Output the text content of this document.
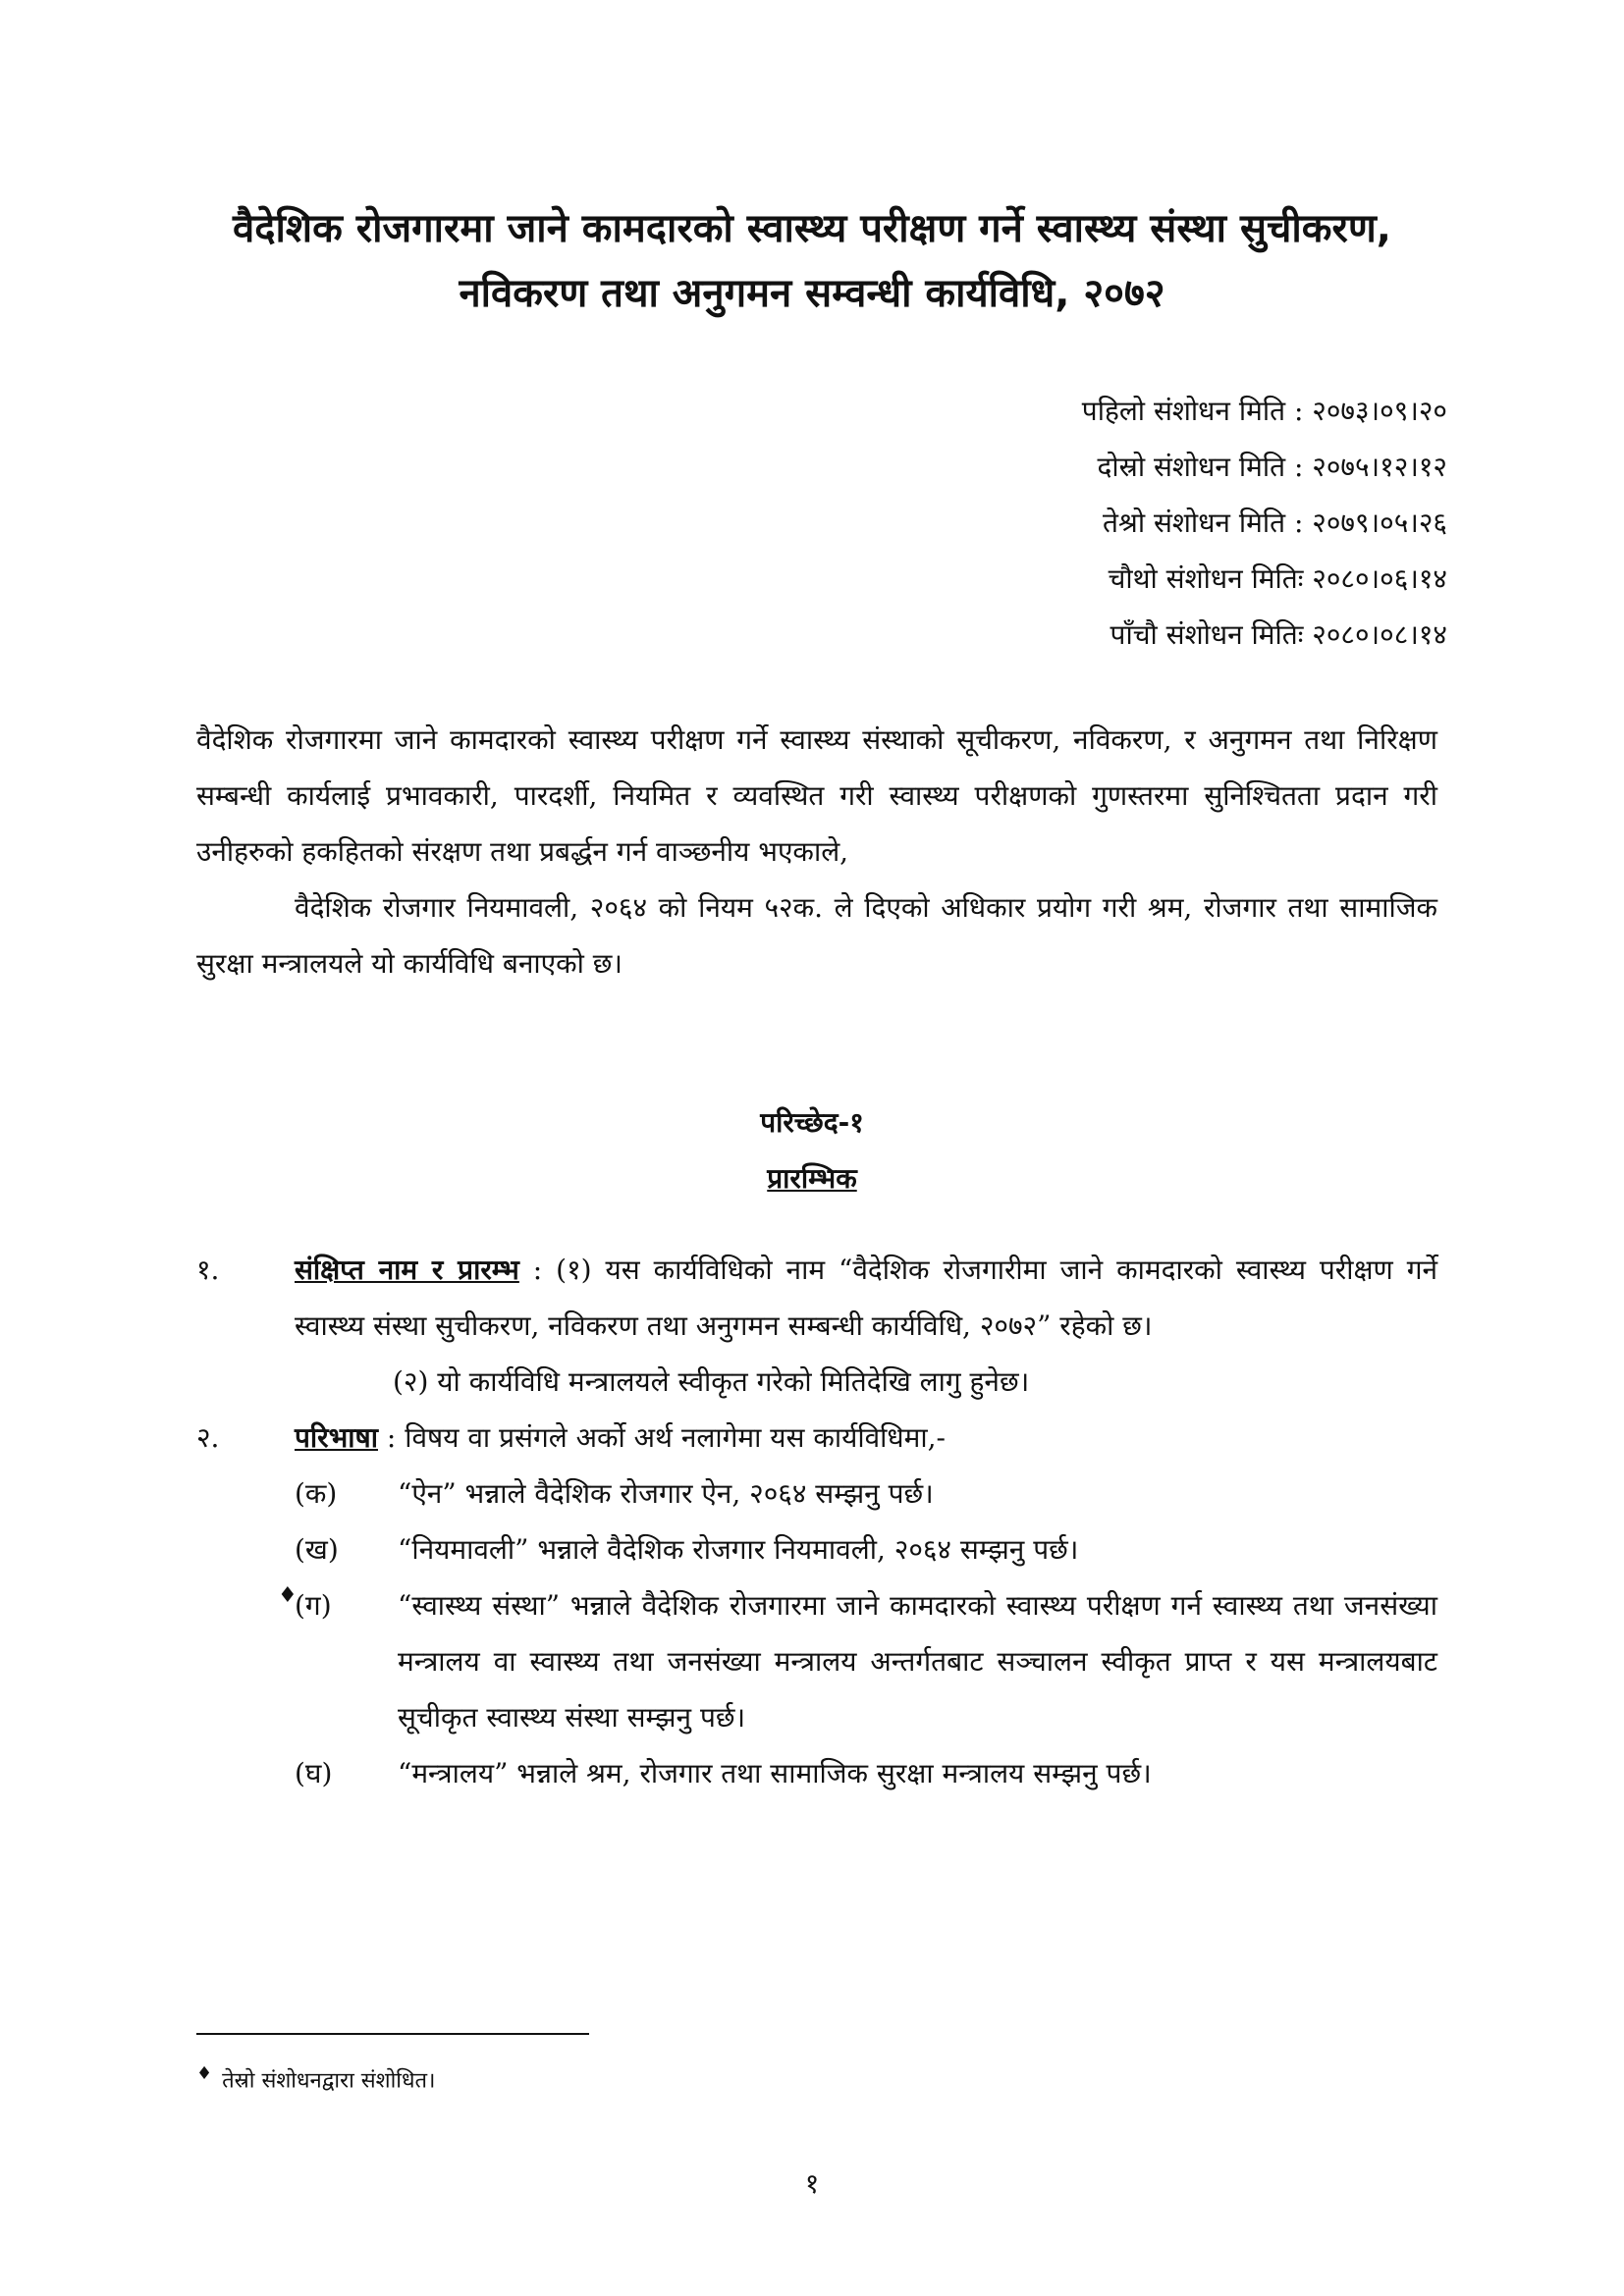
वैदेशिक रोजगारमा जाने कामदारको स्वास्थ्य परीक्षण गर्ने स्वास्थ्य संस्था सुचीकरण,
नविकरण तथा अनुगमन सम्वन्धी कार्यविधि, २०७२
पहिलो संशोधन मिति : २०७३।०९।२०
दोस्रो संशोधन मिति : २०७५।१२।१२
तेश्रो संशोधन मिति : २०७९।०५।२६
चौथो संशोधन मितिः २०८०।०६।१४
पाँचौ संशोधन मितिः २०८०।०८।१४

वैदेशिक रोजगारमा जाने कामदारको स्वास्थ्य परीक्षण गर्ने स्वास्थ्य संस्थाको सूचीकरण, नविकरण, र अनुगमन तथा निरिक्षण सम्बन्धी कार्यलाई प्रभावकारी, पारदर्शी, नियमित र व्यवस्थित गरी स्वास्थ्य परीक्षणको गुणस्तरमा सुनिश्चितता प्रदान गरी उनीहरुको हकहितको संरक्षण तथा प्रबर्द्धन गर्न वाञ्छनीय भएकाले,

वैदेशिक रोजगार नियमावली, २०६४ को नियम ५२क. ले दिएको अधिकार प्रयोग गरी श्रम, रोजगार तथा सामाजिक सुरक्षा मन्त्रालयले यो कार्यविधि बनाएको छ।

परिच्छेद-१
प्रारम्भिक
१.	संक्षिप्त नाम र प्रारम्भ : (१) यस कार्यविधिको नाम “वैदेशिक रोजगारीमा जाने कामदारको स्वास्थ्य परीक्षण गर्ने स्वास्थ्य संस्था सुचीकरण, नविकरण तथा अनुगमन सम्बन्धी कार्यविधि, २०७२” रहेको छ।
(२) यो कार्यविधि मन्त्रालयले स्वीकृत गरेको मितिदेखि लागु हुनेछ।
२.	परिभाषा : विषय वा प्रसंगले अर्को अर्थ नलागेमा यस कार्यविधिमा,-
(क) “ऐन” भन्नाले वैदेशिक रोजगार ऐन, २०६४ सम्झनु पर्छ।
(ख) “नियमावली” भन्नाले वैदेशिक रोजगार नियमावली, २०६४ सम्झनु पर्छ।
♦
(ग) “स्वास्थ्य संस्था” भन्नाले वैदेशिक रोजगारमा जाने कामदारको स्वास्थ्य परीक्षण गर्न स्वास्थ्य तथा जनसंख्या मन्त्रालय वा स्वास्थ्य तथा जनसंख्या मन्त्रालय अन्तर्गतबाट सञ्चालन स्वीकृत प्राप्त र यस मन्त्रालयबाट सूचीकृत स्वास्थ्य संस्था सम्झनु पर्छ।
(घ) “मन्त्रालय” भन्नाले श्रम, रोजगार तथा सामाजिक सुरक्षा मन्त्रालय सम्झनु पर्छ।
♦ तेस्रो संशोधनद्वारा संशोधित।
१
